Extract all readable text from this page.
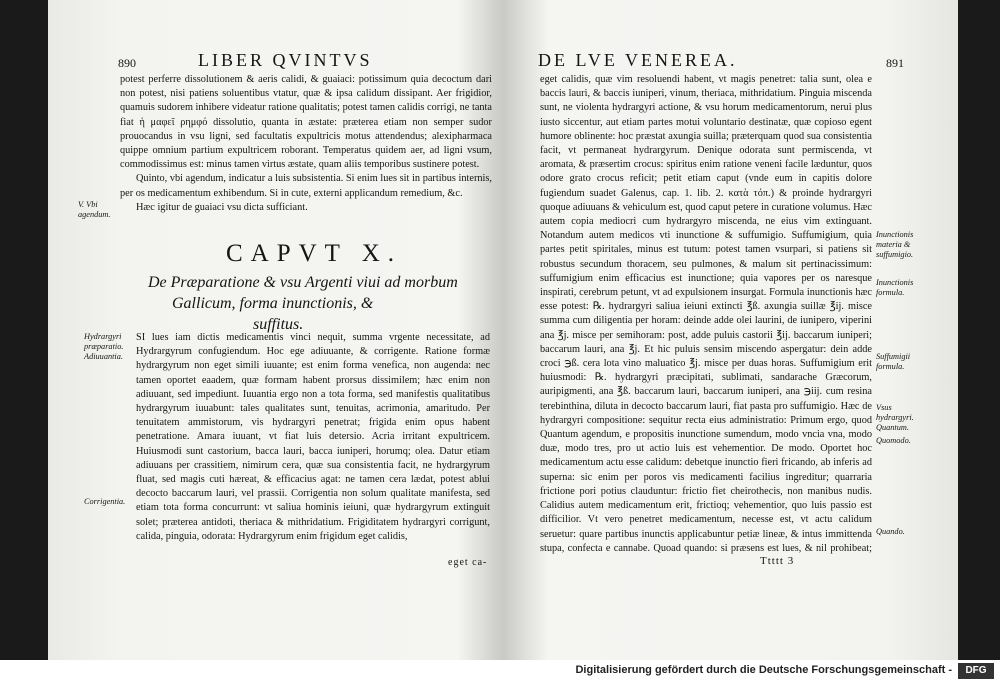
890	LIBER QVINTVS

potest perferre dissolutionem & aeris calidi, & guaiaci: potissimum quia decoctum dari non potest, nisi patiens soluentibus vtatur, quæ & ipsa calidum dissipant. Aer frigidior, quamuis sudorem inhibere videatur ratione qualitatis; potest tamen calidis corrigi, ne tanta fiat ἡ μαφεῖ ρημφό dissolutio, quanta in æstate: præterea etiam non semper sudor prouocandus in vsu ligni, sed facultatis expultricis motus attendendus; alexipharmaca quippe omnium partium expultricem roborant. Temperatus quidem aer, ad ligni vsum, commodissimus est: minus tamen virtus æstate, quam aliis temporibus sustinere potest.

Quinto, vbi agendum, indicatur a luis subsistentia. Si enim lues sit in partibus internis, per os medicamentum exhibendum. Si in cute, externi applicandum remedium, &c.

Hæc igitur de guaiaci vsu dicta sufficiant.

V. Vbi agendum.
CAPVT X.
De Præparatione & vsu Argenti viui ad morbum
Gallicum, forma inunctionis, &
suffitus.
Hydrargyri præparatio. Adiuuantia.
Corrigentia.

SI lues iam dictis medicamentis vinci nequit, summa vrgente necessitate, ad Hydrargyrum confugiendum. Hoc ege adiuuante, & corrigente. Ratione formæ hydrargyrum non eget simili iuuante; est enim forma venefica, non augenda: nec tamen oportet eaadem, quæ formam habent prorsus dissimilem; hæc enim non adiuuant, sed impediunt. Iuuantia ergo non a tota forma, sed manifestis qualitatibus hydrargyrum iuuabunt: tales qualitates sunt, tenuitas, acrimonia, amaritudo. Per tenuitatem ammistorum, vis hydrargyri penetrat; frigida enim opus habent penetratione. Amara iuuant, vt fiat luis detersio. Acria irritant expultricem. Huiusmodi sunt castorium, bacca lauri, bacca iuniperi, horumq; olea. Datur etiam adiuuans per crassitiem, nimirum cera, quæ sua consistentia facit, ne hydrargyrum fluat, sed magis cuti hæreat, & efficacius agat: ne tamen cera lædat, potest ablui decocto baccarum lauri, vel prassii. Corrigentia non solum qualitate manifesta, sed etiam tota forma concurrunt: vt saliua hominis ieiuni, quæ hydrargyrum extinguit solet; præterea antidoti, theriaca & mithridatium. Frigiditatem hydrargyri corrigunt, calida, pinguia, odorata: Hydrargyrum enim frigidum eget calidis,

eget ca-
DE LVE VENEREA.	891

eget calidis, quæ vim resoluendi habent, vt magis penetret: talia sunt, olea e baccis lauri, & baccis iuniperi, vinum, theriaca, mithridatium. Pinguia miscenda sunt, ne violenta hydrargyri actione, & vsu horum medicamentorum, nerui plus iusto siccentur, aut etiam partes motui voluntario destinatæ, quæ copioso egent humore oblinente: hoc præstat axungia suilla; præterquam quod sua consistentia facit, vt permaneat hydrargyrum. Denique odorata sunt permiscenda, vt aromata, & præsertim crocus: spiritus enim ratione veneni facile læduntur, quos odore grato crocus reficit; petit etiam caput (vnde eum in capitis dolore fugiendum suadet Galenus, cap. 1. lib. 2. κατὰ τόπ.) & proinde hydrargyri quoque adiuuans & vehiculum est, quod caput petere in curatione volumus. Hæc autem copia mediocri cum hydrargyro miscenda, ne eius vim extinguant. Notandum autem medicos vti inunctione & suffumigio. Suffumigium, quia partes petit spiritales, minus est tutum: potest tamen vsurpari, si patiens sit robustus secundum thoracem, seu pulmones, & malum sit pertinacissimum: suffumigium enim efficacius est inunctione; quia vapores per os naresque inspirati, cerebrum petunt, vt ad expulsionem insurgat. Formula inunctionis hæc esse potest: ℞. hydrargyri saliua ieiuni extincti ℥ß. axungia suillæ ℥ij. misce summa cum diligentia per horam: deinde adde olei laurini, de iunipero, viperini ana ℥j. misce per semihoram: post, adde puluis castorii ℥ij. baccarum iuniperi; baccarum lauri, ana ℥j. Et hic puluis sensim miscendo aspergatur: dein adde croci ℈ß. cera lota vino maluatico ℥j. misce per duas horas. Suffumigium erit huiusmodi: ℞. hydrargyri præcipitati, sublimati, sandarache Græcorum, auripigmenti, ana ℥ß. baccarum lauri, baccarum iuniperi, ana ℈iij. cum resina terebinthina, diluta in decocto baccarum lauri, fiat pasta pro suffumigio. Hæc de hydrargyri compositione: sequitur recta eius administratio: Primum ergo, quod Quantum agendum, e propositis inunctione sumendum, modo vncia vna, modo duæ, modo tres, pro ut actio luis est vehementior. De modo. Oportet hoc medicamentum actu esse calidum: debetque inunctio fieri fricando, ab inferis ad superna: sic enim per poros vis medicamenti facilius ingreditur; quarraria frictione pori potius clauduntur: frictio fiet cheirothecis, non manibus nudis. Calidius autem medicamentum erit, frictioq; vehementior, quo luis passio est difficilior. Vt vero penetret medicamentum, necesse est, vt actu calidum seruetur: quare partibus inunctis applicabuntur petiæ lineæ, & intus immittenda stupa, confecta e cannabe. Quoad quando: si præsens est lues, & nil prohibeat;

Inunctionis materia & suffumigio.
Inunctionis formula.
Suffumigii formula.
Vsus hydrargyri. Quantum.
Quomodo.
Quando.
Ttttt 3
Digitalisierung gefördert durch die Deutsche Forschungsgemeinschaft -	DFG
